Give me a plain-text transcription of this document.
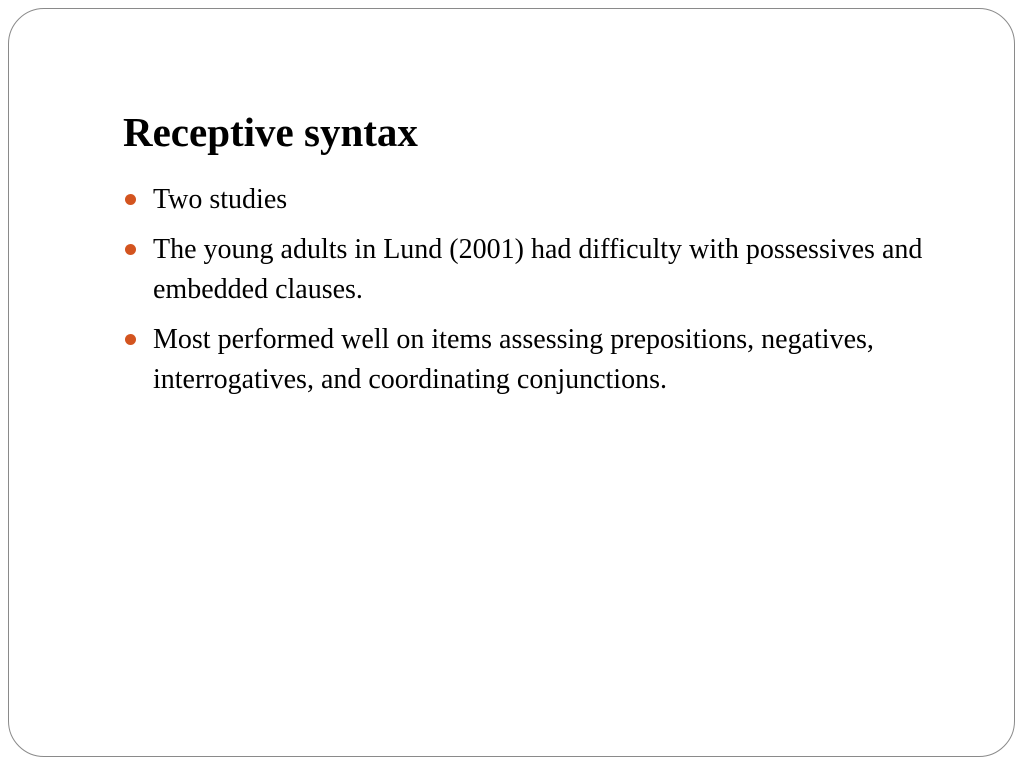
Receptive syntax
Two studies
The young adults in Lund (2001) had difficulty with possessives and embedded clauses.
Most performed well on items assessing prepositions, negatives, interrogatives, and coordinating conjunctions.
